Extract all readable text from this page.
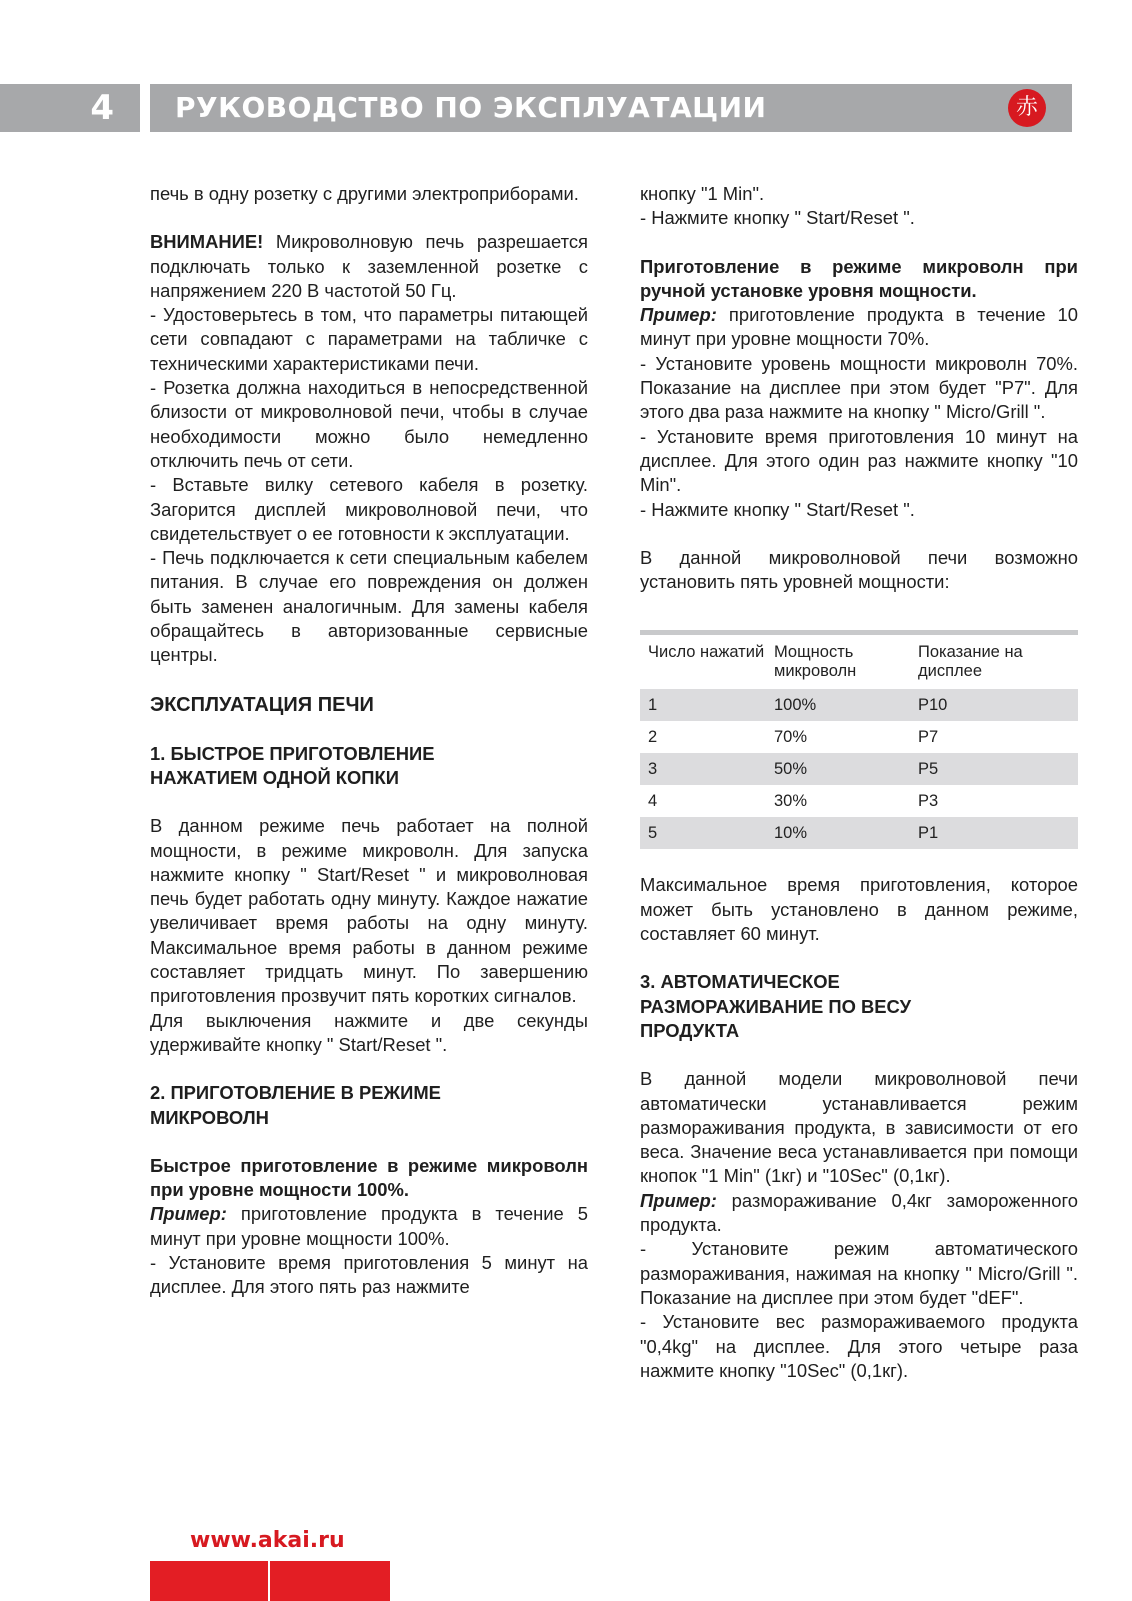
4	РУКОВОДСТВО ПО ЭКСПЛУАТАЦИИ	赤

печь в одну розетку с другими электроприборами.

ВНИМАНИЕ! Микроволновую печь разрешается подключать только к заземленной розетке с напряжением 220 В частотой 50 Гц.

- Удостоверьтесь в том, что параметры питающей сети совпадают с параметрами на табличке с техническими характеристиками печи.

- Розетка должна находиться в непосредственной близости от микроволновой печи, чтобы в случае необходимости можно было немедленно отключить печь от сети.

- Вставьте вилку сетевого кабеля в розетку. Загорится дисплей микроволновой печи, что свидетельствует о ее готовности к эксплуатации.

- Печь подключается к сети специальным кабелем питания. В случае его повреждения он должен быть заменен аналогичным. Для замены кабеля обращайтесь в авторизованные сервисные центры.

ЭКСПЛУАТАЦИЯ ПЕЧИ

1. БЫСТРОЕ ПРИГОТОВЛЕНИЕ

НАЖАТИЕМ ОДНОЙ КОПКИ

В данном режиме печь работает на полной мощности, в режиме микроволн. Для запуска нажмите кнопку " Start/Reset " и микроволновая печь будет работать одну минуту. Каждое нажатие увеличивает время работы на одну минуту. Максимальное время работы в данном режиме составляет тридцать минут. По завершению приготовления прозвучит пять коротких сигналов.

Для выключения нажмите и две секунды удерживайте кнопку " Start/Reset ".

2. ПРИГОТОВЛЕНИЕ В РЕЖИМЕ

МИКРОВОЛН

Быстрое приготовление в режиме микроволн при уровне мощности 100%.

Пример: приготовление продукта в течение 5 минут при уровне мощности 100%.

- Установите время приготовления 5 минут на дисплее. Для этого пять раз нажмите

кнопку "1 Min".

- Нажмите кнопку " Start/Reset ".

Приготовление в режиме микроволн при ручной установке уровня мощности.

Пример: приготовление продукта в течение 10 минут при уровне мощности 70%.

- Установите уровень мощности микроволн 70%. Показание на дисплее при этом будет "P7". Для этого два раза нажмите на кнопку " Micro/Grill ".

- Установите время приготовления 10 минут на дисплее. Для этого один раз нажмите кнопку "10 Min".

- Нажмите кнопку " Start/Reset ".

В данной микроволновой печи возможно установить пять уровней мощности:

Число нажатий	Мощность микроволн	Показание на дисплее
1	100%	P10
2	70%	P7
3	50%	P5
4	30%	P3
5	10%	P1

Максимальное время приготовления, которое может быть установлено в данном режиме, составляет 60 минут.

3. АВТОМАТИЧЕСКОЕ

РАЗМОРАЖИВАНИЕ ПО ВЕСУ

ПРОДУКТА

В данной модели микроволновой печи автоматически устанавливается режим размораживания продукта, в зависимости от его веса. Значение веса устанавливается при помощи кнопок "1 Min" (1кг) и "10Sec" (0,1кг).

Пример: размораживание 0,4кг замороженного продукта.

- Установите режим автоматического размораживания, нажимая на кнопку " Micro/Grill ". Показание на дисплее при этом будет "dEF".

- Установите вес размораживаемого продукта "0,4kg" на дисплее. Для этого четыре раза нажмите кнопку "10Sec" (0,1кг).

www.akai.ru
